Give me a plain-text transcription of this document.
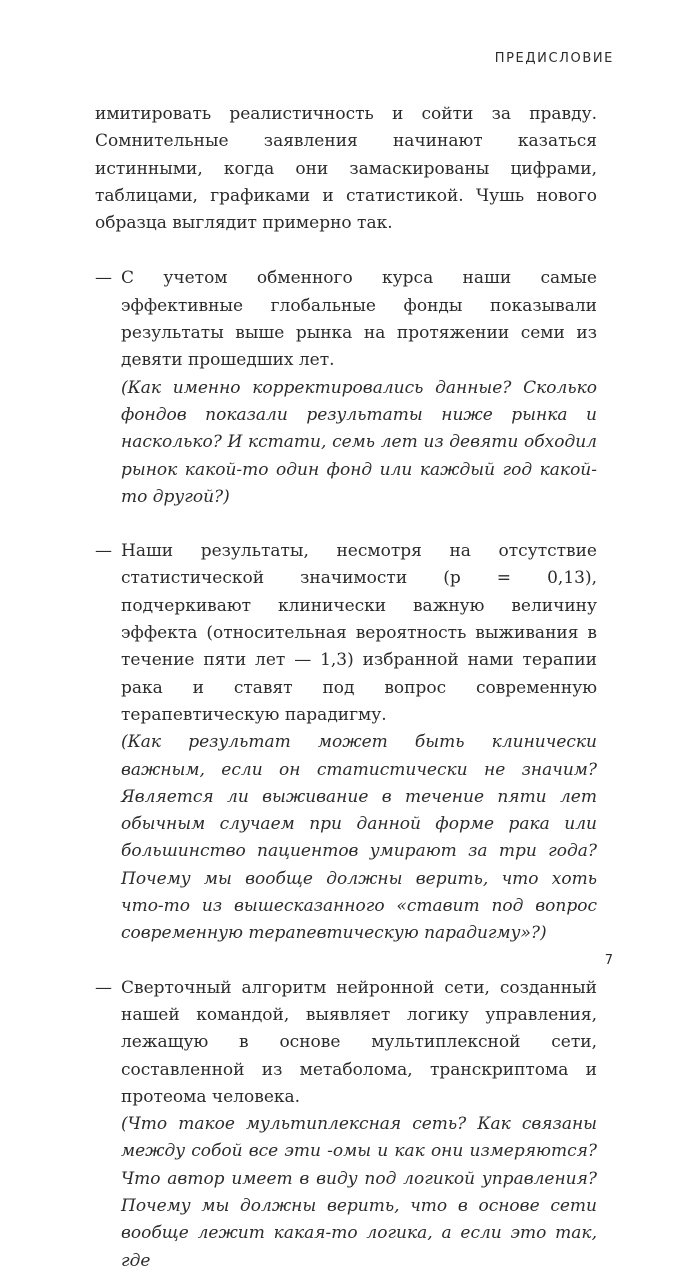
ПРЕДИСЛОВИЕ

имитировать реалистичность и сойти за правду. Сомнительные заявления начинают казаться истинными, когда они замаскированы цифрами, таблицами, графиками и статистикой. Чушь нового образца выглядит примерно так.

— С учетом обменного курса наши самые эффективные глобальные фонды показывали результаты выше рынка на протяжении семи из девяти прошедших лет.
(Как именно корректировались данные? Сколько фондов показали результаты ниже рынка и насколько? И кстати, семь лет из девяти обходил рынок какой-то один фонд или каждый год какой-то другой?)
— Наши результаты, несмотря на отсутствие статистической значимости (p = 0,13), подчеркивают клинически важную величину эффекта (относительная вероятность выживания в течение пяти лет — 1,3) избранной нами терапии рака и ставят под вопрос современную терапевтическую парадигму.
(Как результат может быть клинически важным, если он статистически не значим? Является ли выживание в течение пяти лет обычным случаем при данной форме рака или большинство пациентов умирают за три года? Почему мы вообще должны верить, что хоть что-то из вышесказанного «ставит под вопрос современную терапевтическую парадигму»?)
— Сверточный алгоритм нейронной сети, созданный нашей командой, выявляет логику управления, лежащую в основе мультиплексной сети, составленной из метаболома, транскриптома и протеома человека.
(Что такое мультиплексная сеть? Как связаны между собой все эти -омы и как они измеряются? Что автор имеет в виду под логикой управления? Почему мы должны верить, что в основе сети вообще лежит какая-то логика, а если это так, где
7
